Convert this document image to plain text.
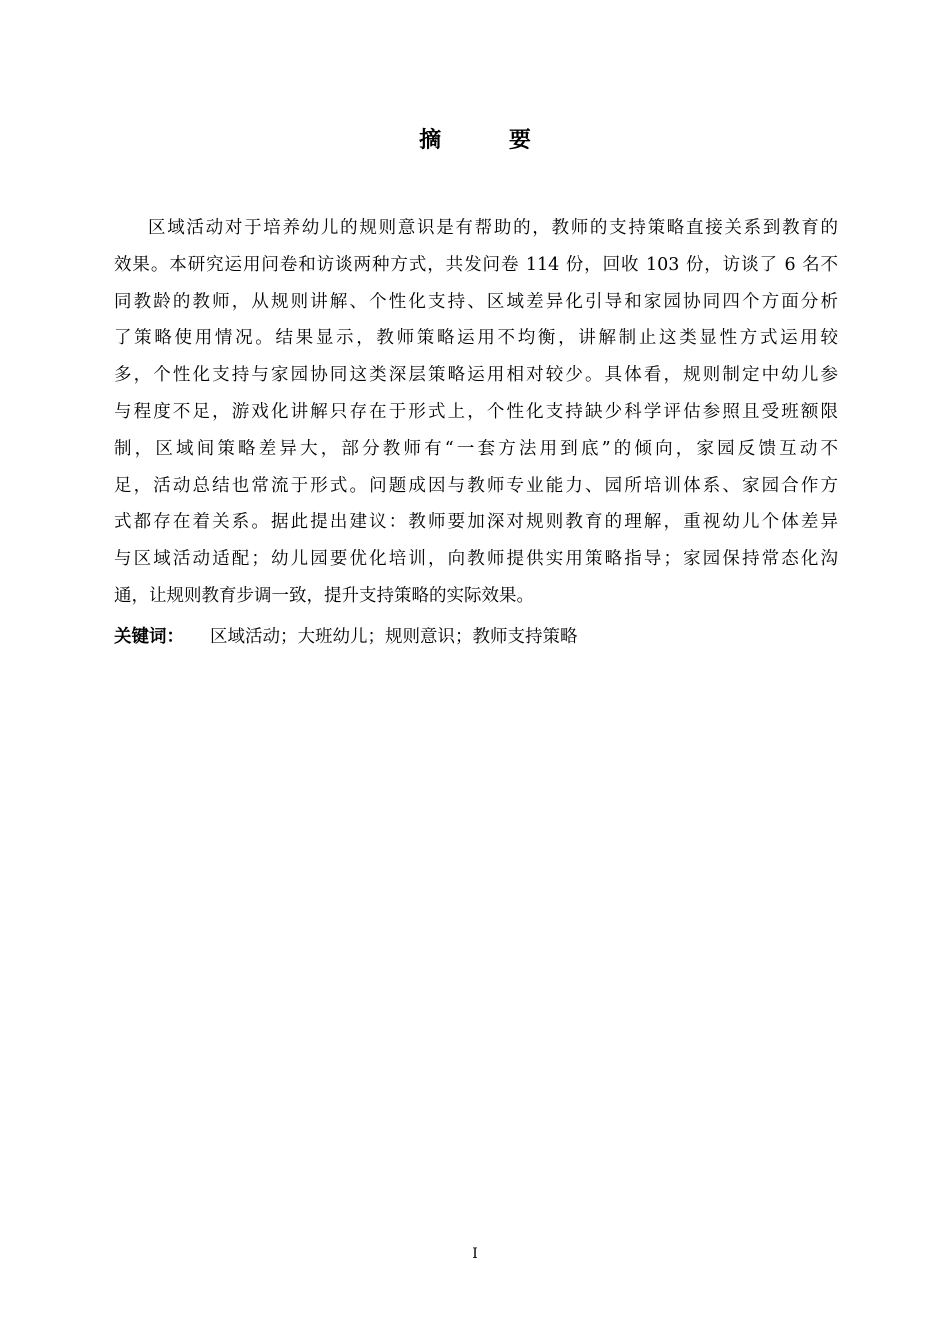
摘 要
区域活动对于培养幼儿的规则意识是有帮助的，教师的支持策略直接关系到教育的
效果。本研究运用问卷和访谈两种方式，共发问卷 114 份，回收 103 份，访谈了 6 名不
同教龄的教师，从规则讲解、个性化支持、区域差异化引导和家园协同四个方面分析
了策略使用情况。结果显示，教师策略运用不均衡，讲解制止这类显性方式运用较
多，个性化支持与家园协同这类深层策略运用相对较少。具体看，规则制定中幼儿参
与程度不足，游戏化讲解只存在于形式上，个性化支持缺少科学评估参照且受班额限
制，区域间策略差异大，部分教师有“一套方法用到底”的倾向，家园反馈互动不
足，活动总结也常流于形式。问题成因与教师专业能力、园所培训体系、家园合作方
式都存在着关系。据此提出建议：教师要加深对规则教育的理解，重视幼儿个体差异
与区域活动适配；幼儿园要优化培训，向教师提供实用策略指导；家园保持常态化沟
通，让规则教育步调一致，提升支持策略的实际效果。
关键词： 区域活动；大班幼儿；规则意识；教师支持策略
I
